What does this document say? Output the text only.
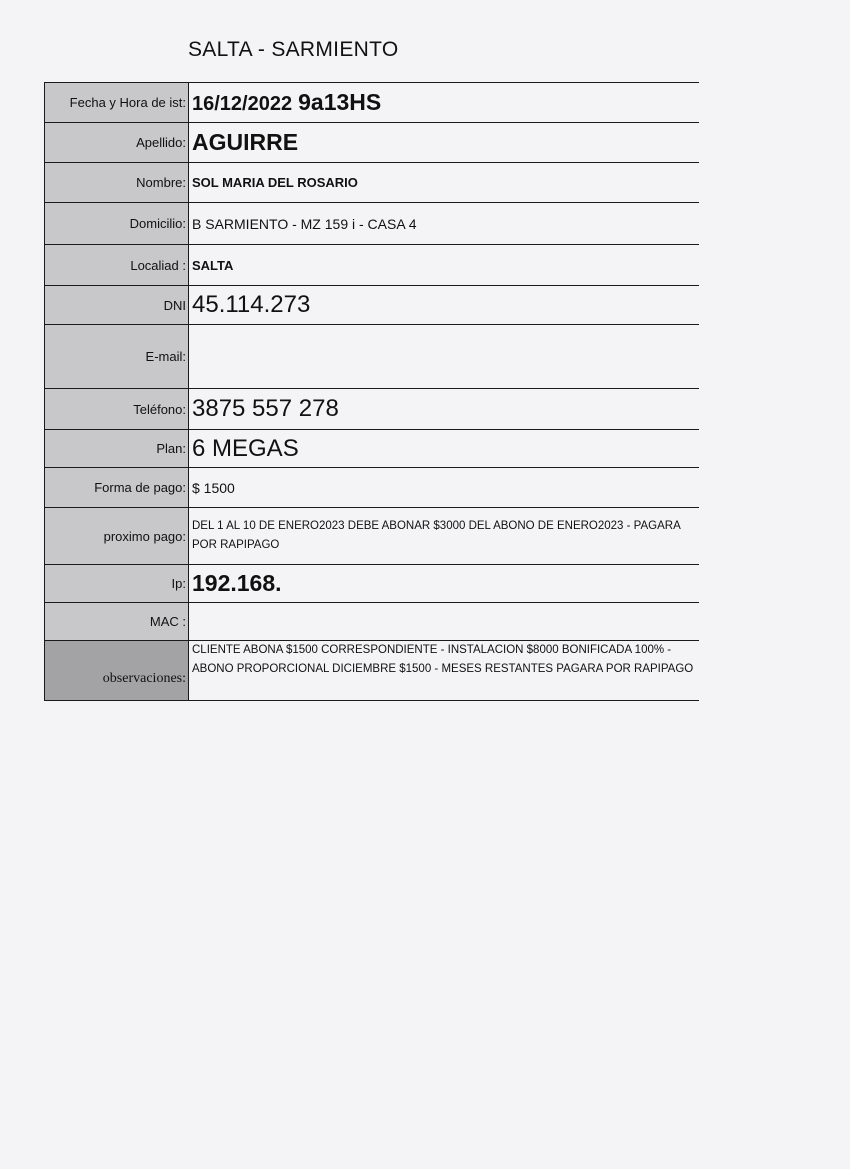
SALTA - SARMIENTO
Fecha y Hora de ist:	16/12/2022 9a13HS
Apellido:	AGUIRRE
Nombre:	SOL MARIA DEL ROSARIO
Domicilio:	B SARMIENTO - MZ 159 i - CASA 4
Localiad :	SALTA
DNI	45.114.273
E-mail:	
Teléfono:	3875 557 278
Plan:	6 MEGAS
Forma de pago:	$ 1500
proximo pago:	DEL 1 AL 10 DE ENERO2023 DEBE ABONAR $3000 DEL ABONO DE ENERO2023 - PAGARA POR RAPIPAGO
Ip:	192.168.
MAC :	

observaciones:	CLIENTE ABONA $1500 CORRESPONDIENTE - INSTALACION $8000 BONIFICADA 100% - ABONO PROPORCIONAL DICIEMBRE $1500 - MESES RESTANTES PAGARA POR RAPIPAGO
